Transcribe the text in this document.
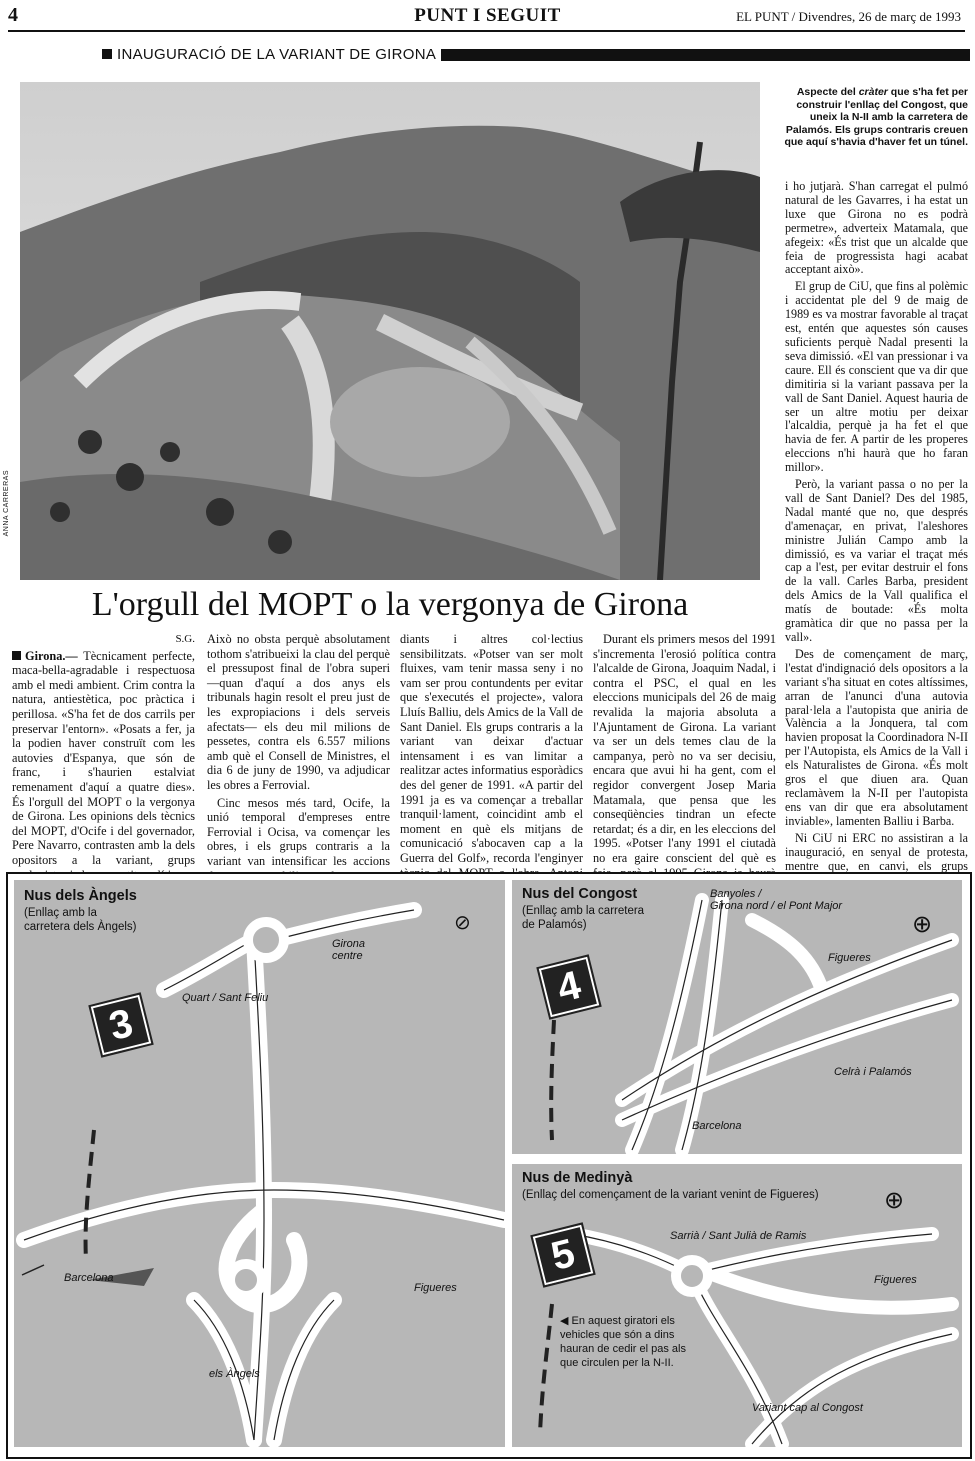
4	PUNT I SEGUIT	EL PUNT / Divendres, 26 de març de 1993
INAUGURACIÓ DE LA VARIANT DE GIRONA
ANNA CARRERAS
Aspecte del cràter que s'ha fet per construir l'enllaç del Congost, que uneix la N-II amb la carretera de Palamós. Els grups contraris creuen que aquí s'havia d'haver fet un túnel.
L'orgull del MOPT o la vergonya de Girona
S.G.

Girona.— Tècnicament perfecte, maca-bella-agradable i respectuosa amb el medi ambient. Crim contra la natura, antiestètica, poc pràctica i perillosa. «S'ha fet de dos carrils per preservar l'entorn». «Posats a fer, ja la podien haver construït com les autovies d'Espanya, que són de franc, i s'haurien estalviat remenament d'aquí a quatre dies». És l'orgull del MOPT o la vergonya de Girona. Les opinions dels tècnics del MOPT, d'Ocife i del governador, Pere Navarro, contrasten amb la dels opositors a la variant, grups

Això no obsta perquè absolutament tothom s'atribueixi la clau del perquè el pressupost final de l'obra superi —quan d'aquí a dos anys els tribunals hagin resolt el preu just de les expropiacions i dels serveis afectats— els deu mil milions de pessetes, contra els 6.557 milions amb què el Consell de Ministres, el dia 6 de juny de 1990, va adjudicar les obres a Ferrovial.

Cinc mesos més tard, Ocife, la unió temporal d'empreses entre Ferrovial i Ocisa, va començar les obres, i els grups contraris a la variant van intensificar les accions

diants i altres col·lectius sensibilitzats. «Potser van ser molt fluixes, vam tenir massa seny i no vam ser prou contundents per evitar que s'executés el projecte», valora Lluís Balliu, dels Amics de la Vall de Sant Daniel. Els grups contraris a la variant van deixar d'actuar intensament i es van limitar a realitzar actes informatius esporàdics des del gener de 1991. «A partir del 1991 ja es va començar a treballar tranquil·lament, coincidint amb el moment en què els mitjans de comunicació s'abocaven cap a la Guerra del Golf», recorda l'enginyer

Durant els primers mesos del 1991 s'incrementa l'erosió política contra l'alcalde de Girona, Joaquim Nadal, i contra el PSC, el qual en les eleccions municipals del 26 de maig revalida la majoria absoluta a l'Ajuntament de Girona. La variant va ser un dels temes clau de la campanya, però no va ser decisiu, encara que avui hi ha gent, com el regidor convergent Josep Maria Matamala, que pensa que les conseqüències tindran un efecte retardat; és a dir, en les eleccions del 1995. «Potser l'any 1991 el ciutadà no era gaire conscient del què es

i ho jutjarà. S'han carregat el pulmó natural de les Gavarres, i ha estat un luxe que Girona no es podrà permetre», adverteix Matamala, que afegeix: «És trist que un alcalde que feia de progressista hagi acabat acceptant això».

El grup de CiU, que fins al polèmic i accidentat ple del 9 de maig de 1989 es va mostrar favorable al traçat est, entén que aquestes són causes suficients perquè Nadal presenti la seva dimissió. «El van pressionar i va caure. Ell és conscient que va dir que dimitiria si la variant passava per la vall de Sant Daniel. Aquest hauria de ser un altre motiu per deixar l'alcaldia, perquè ja ha fet el que havia de fer. A partir de les properes eleccions n'hi haurà que ho faran millor».

Però, la variant passa o no per la vall de Sant Daniel? Des del 1985, Nadal manté que no, que després d'amenaçar, en privat, l'aleshores ministre Julián Campo amb la dimissió, es va variar el traçat més cap a l'est, per evitar destruir el fons de la vall. Carles Barba, president dels Amics de la Vall qualifica el matís de boutade: «És molta gramàtica dir que no passa per la vall».

Des de començament de març, l'estat d'indignació dels opositors a la variant s'ha situat en cotes altíssimes, arran de l'anunci d'una autovia paral·lela a l'autopista que aniria de València a la Jonquera, tal com havien proposat la Coordinadora N-II per l'Autopista, els Amics de la Vall i els Naturalistes de Girona. «És molt gros el que diuen ara. Quan reclamàvem la N-II per l'autopista ens van dir que era absolutament inviable», lamenten Balliu i Barba.

Ni CiU ni ERC no assistiran a la inauguració, en senyal de protesta, mentre que, en canvi, els grups

Nus dels Àngels
(Enllaç amb la
carretera dels Àngels)	⊘
3
Girona
centre
Quart / Sant Feliu
Barcelona
Figueres
els Àngels
Nus del Congost
(Enllaç amb la carretera
de Palamós)	⊕
4
Banyoles /
Girona nord / el Pont Major
Figueres
Celrà i Palamós
Barcelona
Nus de Medinyà
(Enllaç del començament de la variant venint de Figueres)	⊕
5	Sarrià / Sant Julià de Ramis
Figueres
Variant cap al Congost
◀ En aquest giratori els
vehicles que són a dins
hauran de cedir el pas als
que circulen per la N-II.
